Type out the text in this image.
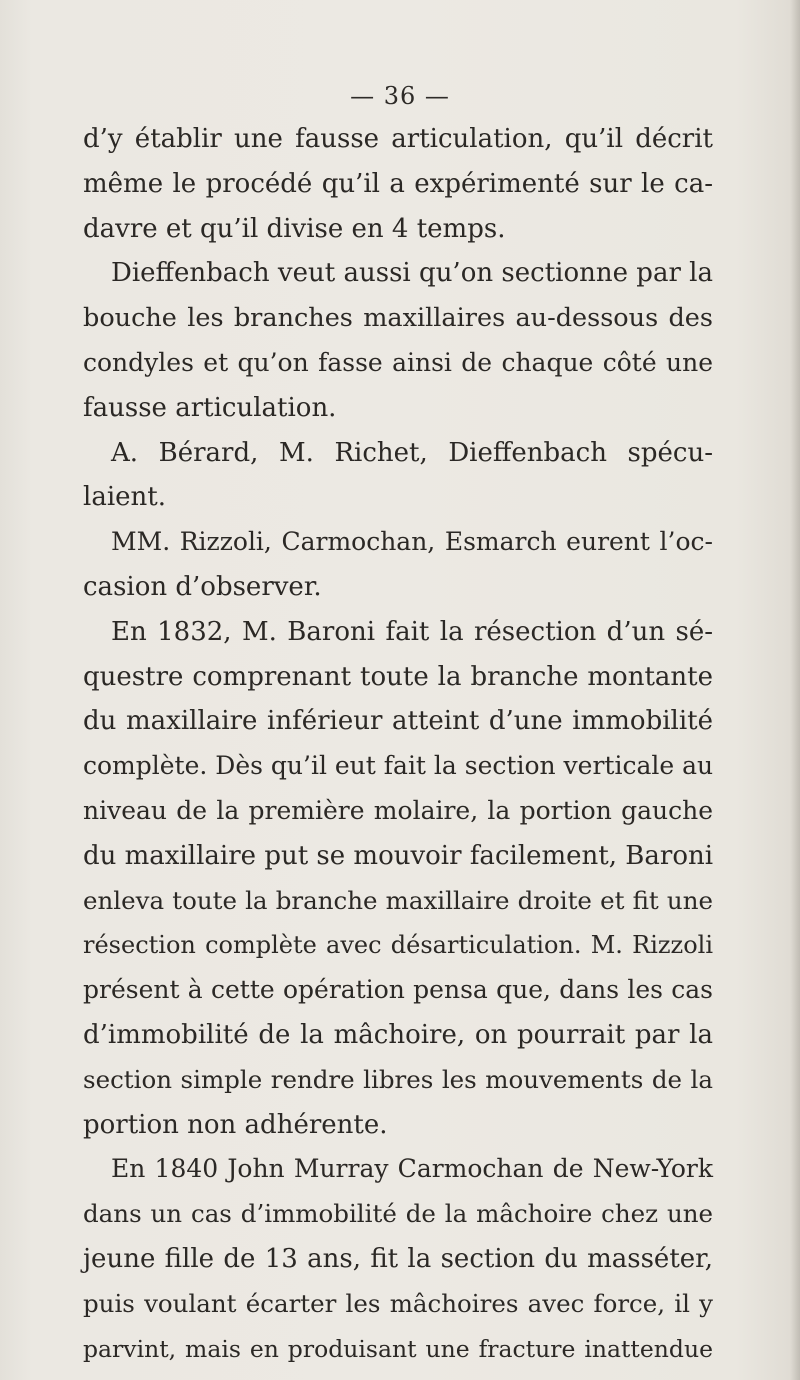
— 36 —
d’y établir une fausse articulation, qu’il décrit
même le procédé qu’il a expérimenté sur le ca-
davre et qu’il divise en 4 temps.
Dieffenbach veut aussi qu’on sectionne par la
bouche les branches maxillaires au-dessous des
condyles et qu’on fasse ainsi de chaque côté une
fausse articulation.
A. Bérard, M. Richet, Dieffenbach spécu-
laient.
MM. Rizzoli, Carmochan, Esmarch eurent l’oc-
casion d’observer.
En 1832, M. Baroni fait la résection d’un sé-
questre comprenant toute la branche montante
du maxillaire inférieur atteint d’une immobilité
complète. Dès qu’il eut fait la section verticale au
niveau de la première molaire, la portion gauche
du maxillaire put se mouvoir facilement, Baroni
enleva toute la branche maxillaire droite et fit une
résection complète avec désarticulation. M. Rizzoli
présent à cette opération pensa que, dans les cas
d’immobilité de la mâchoire, on pourrait par la
section simple rendre libres les mouvements de la
portion non adhérente.
En 1840 John Murray Carmochan de New-York
dans un cas d’immobilité de la mâchoire chez une
jeune fille de 13 ans, fit la section du masséter,
puis voulant écarter les mâchoires avec force, il y
parvint, mais en produisant une fracture inattendue
